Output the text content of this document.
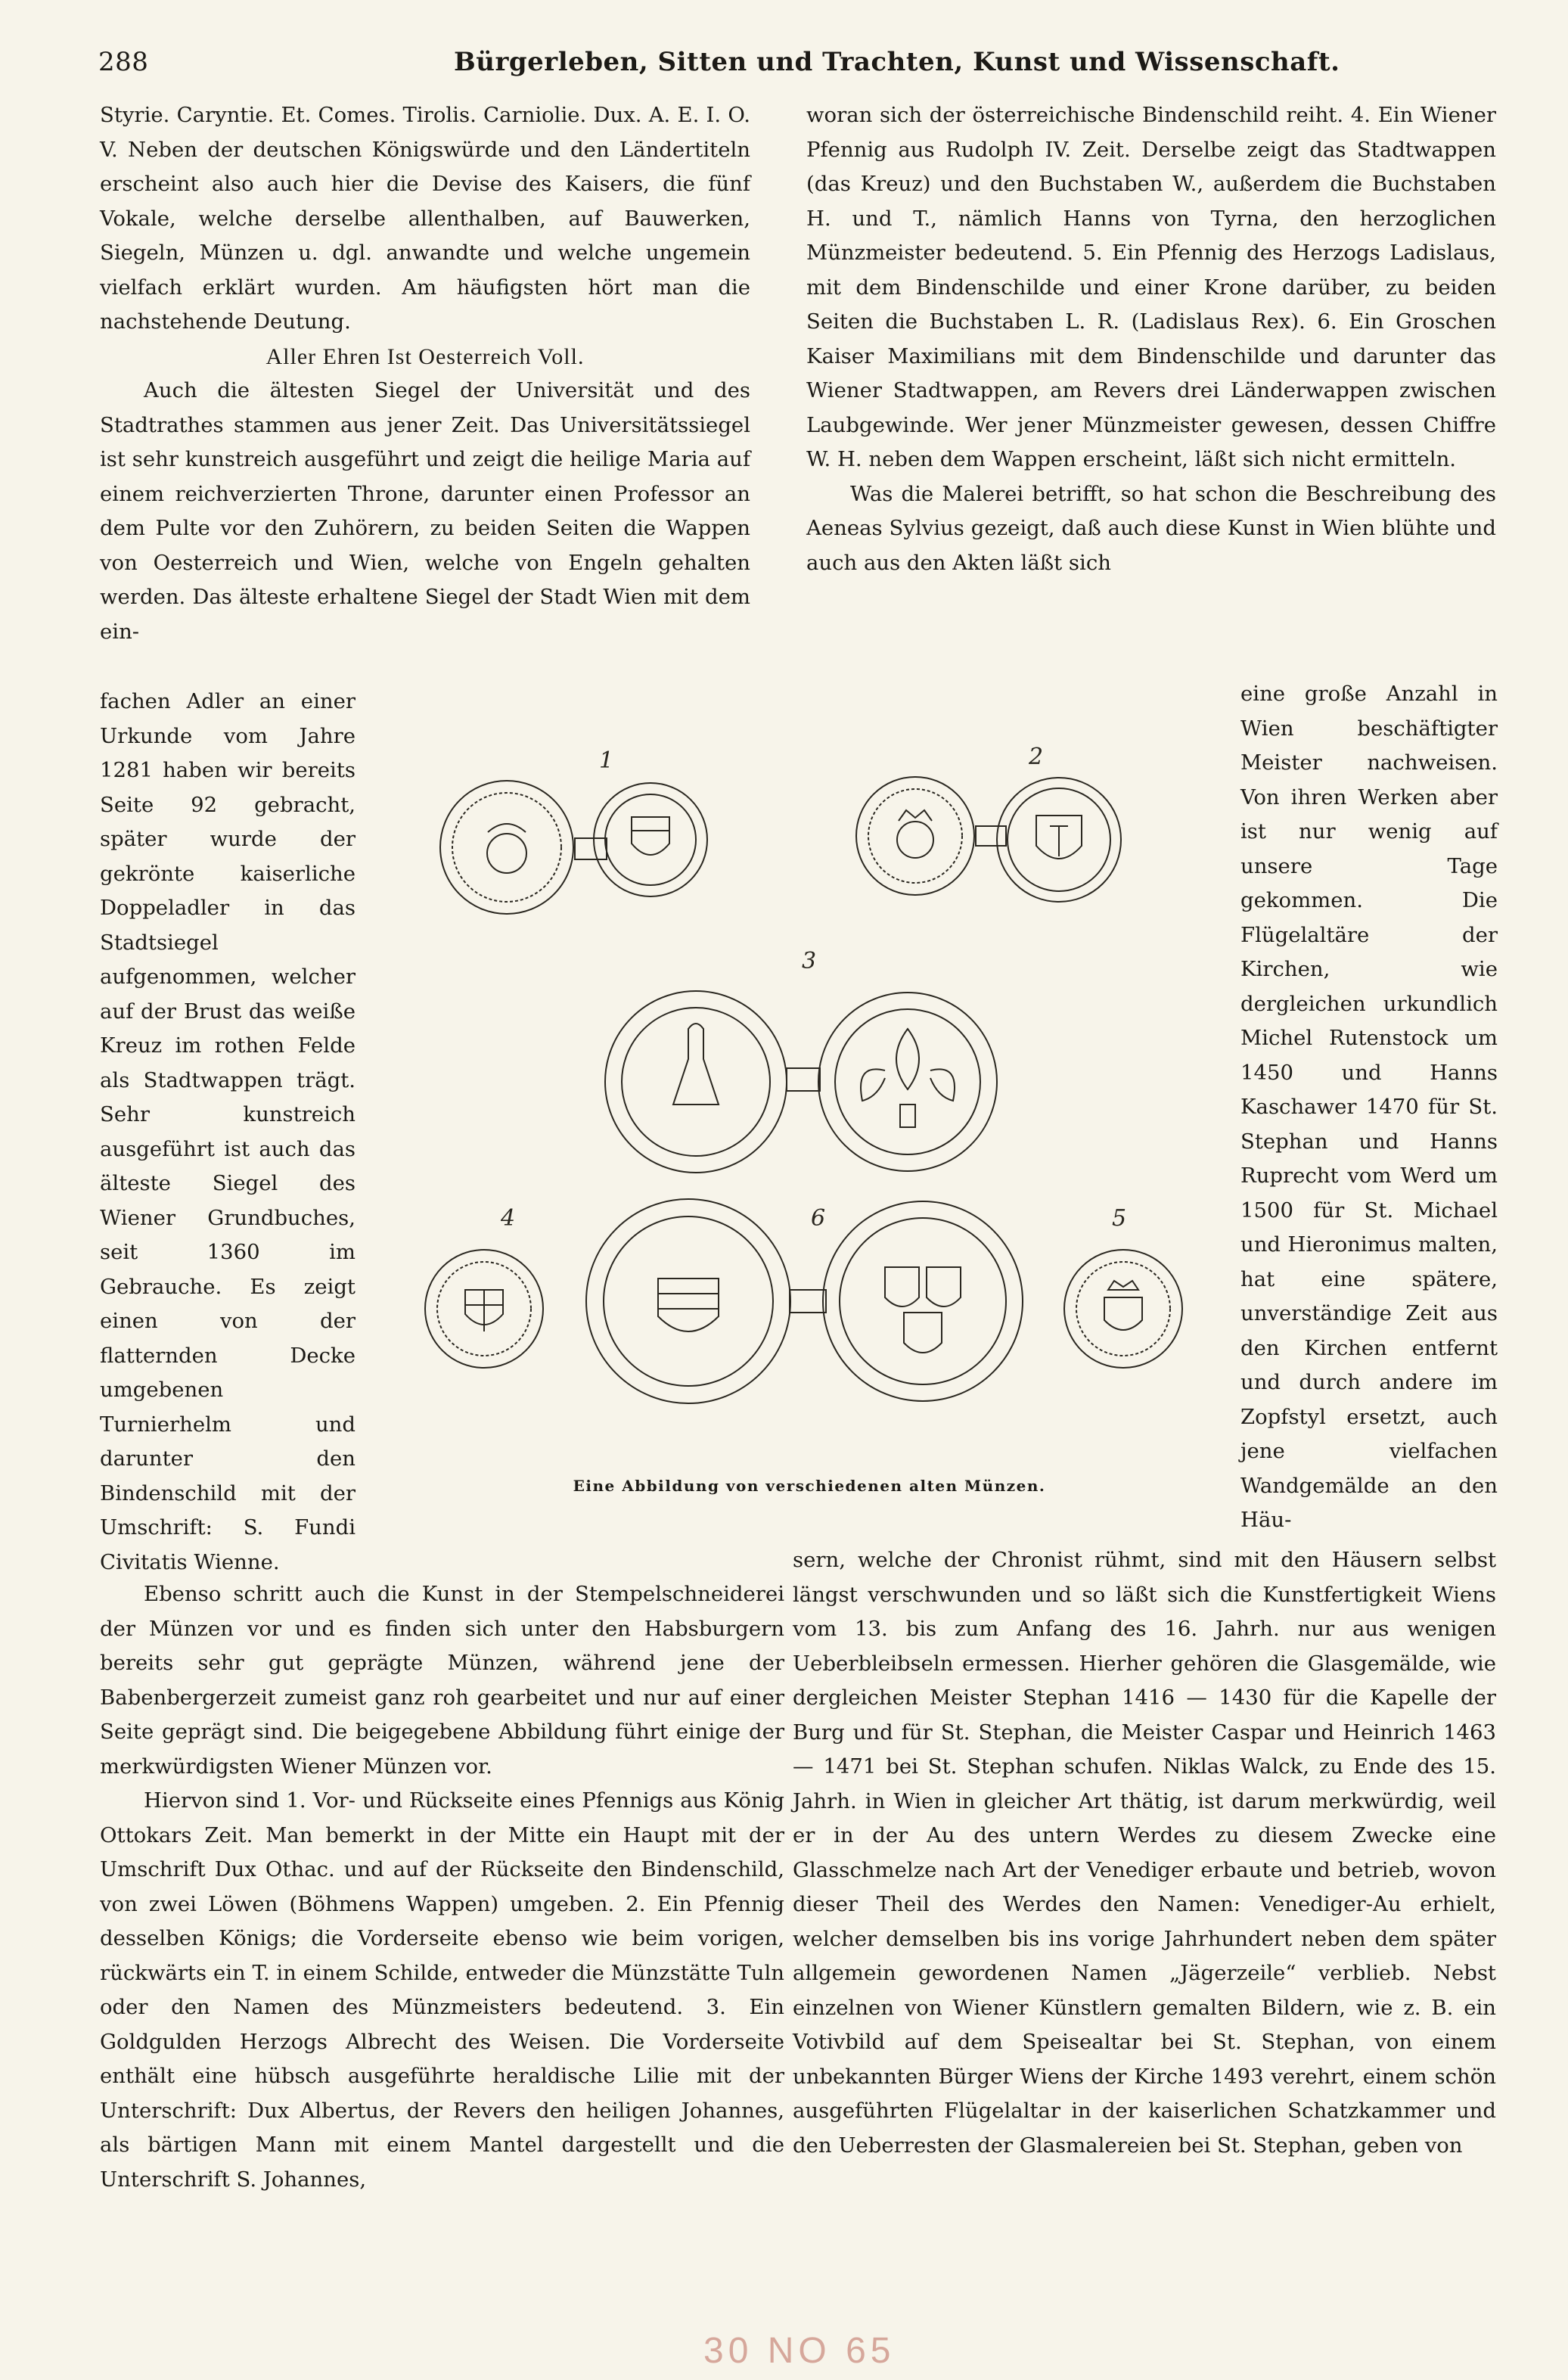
288	Bürgerleben, Sitten und Trachten, Kunst und Wissenschaft.

Styrie. Caryntie. Et. Comes. Tirolis. Carniolie. Dux. A. E. I. O. V. Neben der deutschen Königswürde und den Ländertiteln erscheint also auch hier die Devise des Kaisers, die fünf Vokale, welche derselbe allenthalben, auf Bauwerken, Siegeln, Münzen u. dgl. anwandte und welche ungemein vielfach erklärt wurden. Am häufigsten hört man die nachstehende Deutung.

Aller Ehren Ist Oesterreich Voll.

Auch die ältesten Siegel der Universität und des Stadtrathes stammen aus jener Zeit. Das Universitätssiegel ist sehr kunstreich ausgeführt und zeigt die heilige Maria auf einem reichverzierten Throne, darunter einen Professor an dem Pulte vor den Zuhörern, zu beiden Seiten die Wappen von Oesterreich und Wien, welche von Engeln gehalten werden. Das älteste erhaltene Siegel der Stadt Wien mit dem ein-

fachen Adler an einer Urkunde vom Jahre 1281 haben wir bereits Seite 92 gebracht, später wurde der gekrönte kaiserliche Doppeladler in das Stadtsiegel aufgenommen, welcher auf der Brust das weiße Kreuz im rothen Felde als Stadtwappen trägt. Sehr kunstreich ausgeführt ist auch das älteste Siegel des Wiener Grundbuches, seit 1360 im Gebrauche. Es zeigt einen von der flatternden Decke umgebenen Turnierhelm und darunter den Bindenschild mit der Umschrift: S. Fundi Civitatis Wienne.

Ebenso schritt auch die Kunst in der Stempelschneiderei der Münzen vor und es finden sich unter den Habsburgern bereits sehr gut geprägte Münzen, während jene der Babenbergerzeit zumeist ganz roh gearbeitet und nur auf einer Seite geprägt sind. Die beigegebene Abbildung führt einige der merkwürdigsten Wiener Münzen vor.

Hiervon sind 1. Vor- und Rückseite eines Pfennigs aus König Ottokars Zeit. Man bemerkt in der Mitte ein Haupt mit der Umschrift Dux Othac. und auf der Rückseite den Bindenschild, von zwei Löwen (Böhmens Wappen) umgeben. 2. Ein Pfennig desselben Königs; die Vorderseite ebenso wie beim vorigen, rückwärts ein T. in einem Schilde, entweder die Münzstätte Tuln oder den Namen des Münzmeisters bedeutend. 3. Ein Goldgulden Herzogs Albrecht des Weisen. Die Vorderseite enthält eine hübsch ausgeführte heraldische Lilie mit der Unterschrift: Dux Albertus, der Revers den heiligen Johannes, als bärtigen Mann mit einem Mantel dargestellt und die Unterschrift S. Johannes,

woran sich der österreichische Bindenschild reiht. 4. Ein Wiener Pfennig aus Rudolph IV. Zeit. Derselbe zeigt das Stadtwappen (das Kreuz) und den Buchstaben W., außerdem die Buchstaben H. und T., nämlich Hanns von Tyrna, den herzoglichen Münzmeister bedeutend. 5. Ein Pfennig des Herzogs Ladislaus, mit dem Bindenschilde und einer Krone darüber, zu beiden Seiten die Buchstaben L. R. (Ladislaus Rex). 6. Ein Groschen Kaiser Maximilians mit dem Bindenschilde und darunter das Wiener Stadtwappen, am Revers drei Länderwappen zwischen Laubgewinde. Wer jener Münzmeister gewesen, dessen Chiffre W. H. neben dem Wappen erscheint, läßt sich nicht ermitteln.

Was die Malerei betrifft, so hat schon die Beschreibung des Aeneas Sylvius gezeigt, daß auch diese Kunst in Wien blühte und auch aus den Akten läßt sich

eine große Anzahl in Wien beschäftigter Meister nachweisen. Von ihren Werken aber ist nur wenig auf unsere Tage gekommen. Die Flügelaltäre der Kirchen, wie dergleichen urkundlich Michel Rutenstock um 1450 und Hanns Kaschawer 1470 für St. Stephan und Hanns Ruprecht vom Werd um 1500 für St. Michael und Hieronimus malten, hat eine spätere, unverständige Zeit aus den Kirchen entfernt und durch andere im Zopfstyl ersetzt, auch jene vielfachen Wandgemälde an den Häu-

sern, welche der Chronist rühmt, sind mit den Häusern selbst längst verschwunden und so läßt sich die Kunstfertigkeit Wiens vom 13. bis zum Anfang des 16. Jahrh. nur aus wenigen Ueberbleibseln ermessen. Hierher gehören die Glasgemälde, wie dergleichen Meister Stephan 1416 — 1430 für die Kapelle der Burg und für St. Stephan, die Meister Caspar und Heinrich 1463 — 1471 bei St. Stephan schufen. Niklas Walck, zu Ende des 15. Jahrh. in Wien in gleicher Art thätig, ist darum merkwürdig, weil er in der Au des untern Werdes zu diesem Zwecke eine Glasschmelze nach Art der Venediger erbaute und betrieb, wovon dieser Theil des Werdes den Namen: Venediger-Au erhielt, welcher demselben bis ins vorige Jahrhundert neben dem später allgemein gewordenen Namen „Jägerzeile“ verblieb. Nebst einzelnen von Wiener Künstlern gemalten Bildern, wie z. B. ein Votivbild auf dem Speisealtar bei St. Stephan, von einem unbekannten Bürger Wiens der Kirche 1493 verehrt, einem schön ausgeführten Flügelaltar in der kaiserlichen Schatzkammer und den Ueberresten der Glasmalereien bei St. Stephan, geben von

1	2
3
4	6	5
Eine Abbildung von verschiedenen alten Münzen.
30 NO 65
